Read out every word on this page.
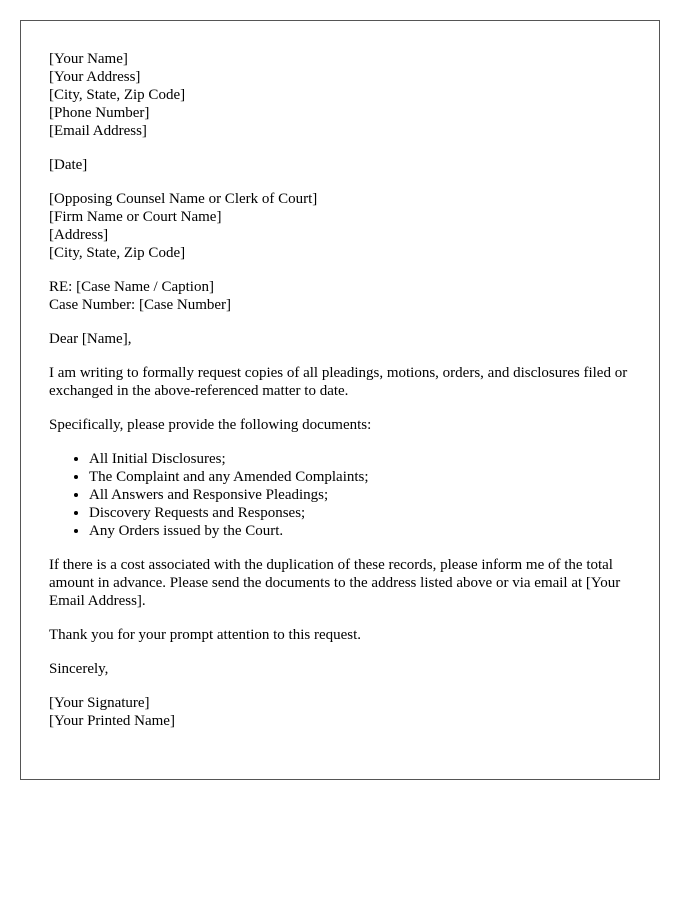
[Your Name]
[Your Address]
[City, State, Zip Code]
[Phone Number]
[Email Address]
[Date]
[Opposing Counsel Name or Clerk of Court]
[Firm Name or Court Name]
[Address]
[City, State, Zip Code]
RE: [Case Name / Caption]
Case Number: [Case Number]

Dear [Name],

I am writing to formally request copies of all pleadings, motions, orders, and disclosures filed or exchanged in the above-referenced matter to date.

Specifically, please provide the following documents:

• All Initial Disclosures;
• The Complaint and any Amended Complaints;
• All Answers and Responsive Pleadings;
• Discovery Requests and Responses;
• Any Orders issued by the Court.

If there is a cost associated with the duplication of these records, please inform me of the total amount in advance. Please send the documents to the address listed above or via email at [Your Email Address].

Thank you for your prompt attention to this request.

Sincerely,

[Your Signature]
[Your Printed Name]
